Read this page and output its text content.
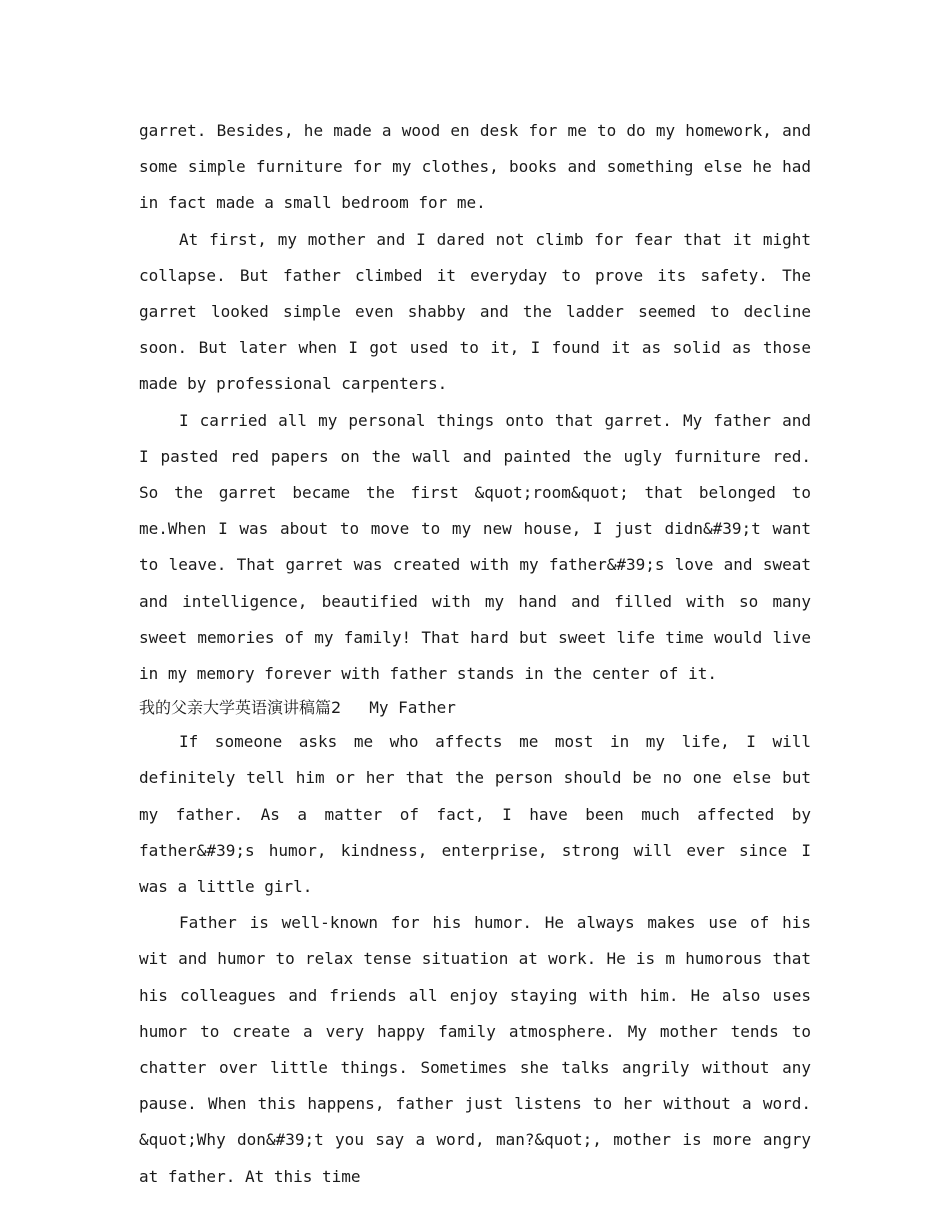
garret. Besides, he made a wood en desk for me to do my homework, and some simple furniture for my clothes, books and something else he had in fact made a small bedroom for me.

At first, my mother and I dared not climb for fear that it might collapse. But father climbed it everyday to prove its safety. The garret looked simple even shabby and the ladder seemed to decline soon. But later when I got used to it, I found it as solid as those made by professional carpenters.

I carried all my personal things onto that garret. My father and I pasted red papers on the wall and painted the ugly furniture red. So the garret became the first &quot;room&quot; that belonged to me.When I was about to move to my new house, I just didn&#39;t want to leave. That garret was created with my father&#39;s love and sweat and intelligence, beautified with my hand and filled with so many sweet memories of my family! That hard but sweet life time would live in my memory forever with father stands in the center of it.

我的父亲大学英语演讲稿篇2 My Father

If someone asks me who affects me most in my life, I will definitely tell him or her that the person should be no one else but my father. As a matter of fact, I have been much affected by father&#39;s humor, kindness, enterprise, strong will ever since I was a little girl.

Father is well-known for his humor. He always makes use of his wit and humor to relax tense situation at work. He is m humorous that his colleagues and friends all enjoy staying with him. He also uses humor to create a very happy family atmosphere. My mother tends to chatter over little things. Sometimes she talks angrily without any pause. When this happens, father just listens to her without a word. &quot;Why don&#39;t you say a word, man?&quot;, mother is more angry at father. At this time
